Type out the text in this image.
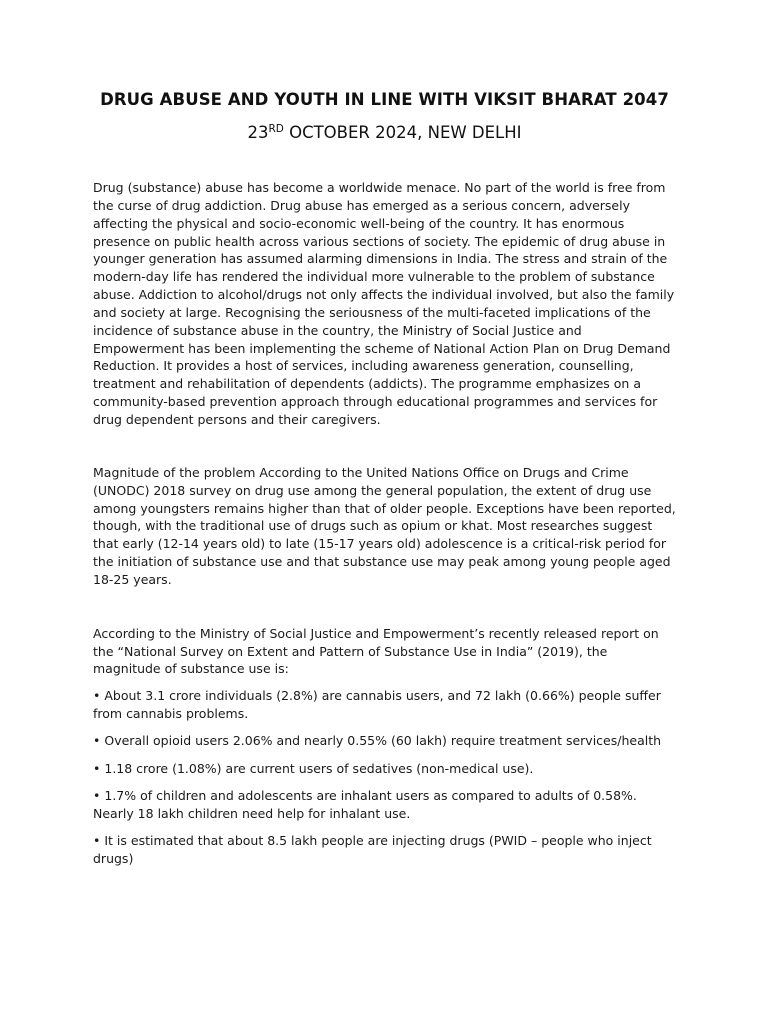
DRUG ABUSE AND YOUTH IN LINE WITH VIKSIT BHARAT 2047

23RD OCTOBER 2024, NEW DELHI

Drug (substance) abuse has become a worldwide menace. No part of the world is free from the curse of drug addiction. Drug abuse has emerged as a serious concern, adversely affecting the physical and socio-economic well-being of the country. It has enormous presence on public health across various sections of society. The epidemic of drug abuse in younger generation has assumed alarming dimensions in India. The stress and strain of the modern-day life has rendered the individual more vulnerable to the problem of substance abuse. Addiction to alcohol/drugs not only affects the individual involved, but also the family and society at large. Recognising the seriousness of the multi-faceted implications of the incidence of substance abuse in the country, the Ministry of Social Justice and Empowerment has been implementing the scheme of National Action Plan on Drug Demand Reduction. It provides a host of services, including awareness generation, counselling, treatment and rehabilitation of dependents (addicts). The programme emphasizes on a community-based prevention approach through educational programmes and services for drug dependent persons and their caregivers.

Magnitude of the problem According to the United Nations Office on Drugs and Crime (UNODC) 2018 survey on drug use among the general population, the extent of drug use among youngsters remains higher than that of older people. Exceptions have been reported, though, with the traditional use of drugs such as opium or khat. Most researches suggest that early (12-14 years old) to late (15-17 years old) adolescence is a critical-risk period for the initiation of substance use and that substance use may peak among young people aged 18-25 years.

According to the Ministry of Social Justice and Empowerment’s recently released report on the “National Survey on Extent and Pattern of Substance Use in India” (2019), the magnitude of substance use is:

• About 3.1 crore individuals (2.8%) are cannabis users, and 72 lakh (0.66%) people suffer from cannabis problems.
• Overall opioid users 2.06% and nearly 0.55% (60 lakh) require treatment services/health
• 1.18 crore (1.08%) are current users of sedatives (non-medical use).
• 1.7% of children and adolescents are inhalant users as compared to adults of 0.58%. Nearly 18 lakh children need help for inhalant use.
• It is estimated that about 8.5 lakh people are injecting drugs (PWID – people who inject drugs)
